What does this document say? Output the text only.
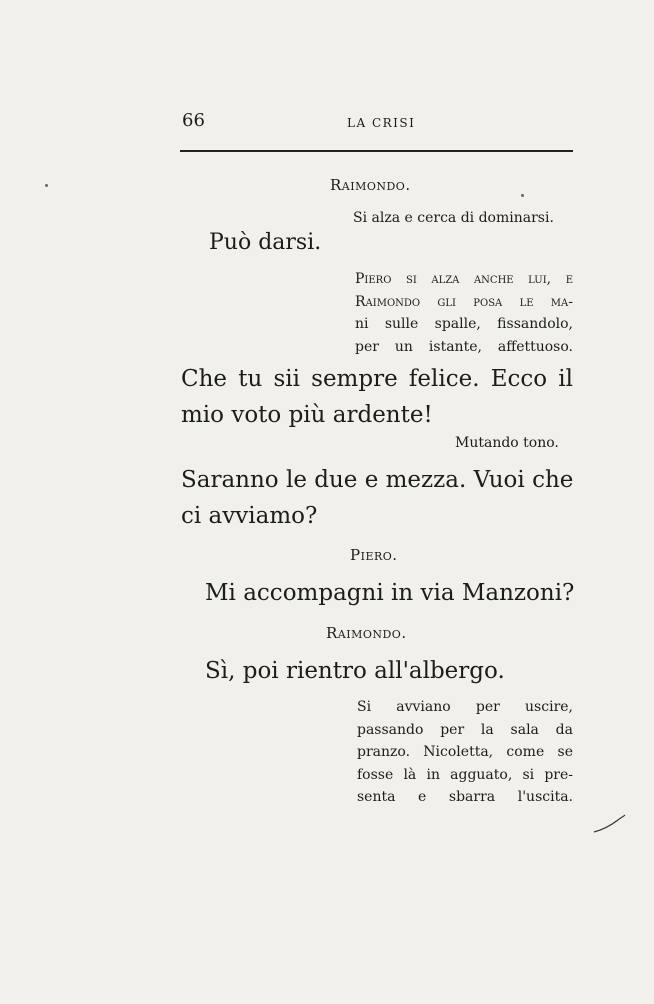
66	LA CRISI
Raimondo.
Si alza e cerca di dominarsi.
Può darsi.
Piero si alza anche lui, e
Raimondo gli posa le ma-
ni sulle spalle, fissandolo,
per un istante, affettuoso.
Che tu sii sempre felice. Ecco il
mio voto più ardente!
Mutando tono.
Saranno le due e mezza. Vuoi che
ci avviamo?
Piero.
Mi accompagni in via Manzoni?
Raimondo.
Sì, poi rientro all'albergo.
Si avviano per uscire,
passando per la sala da
pranzo. Nicoletta, come se
fosse là in agguato, si pre-
senta e sbarra l'uscita.
